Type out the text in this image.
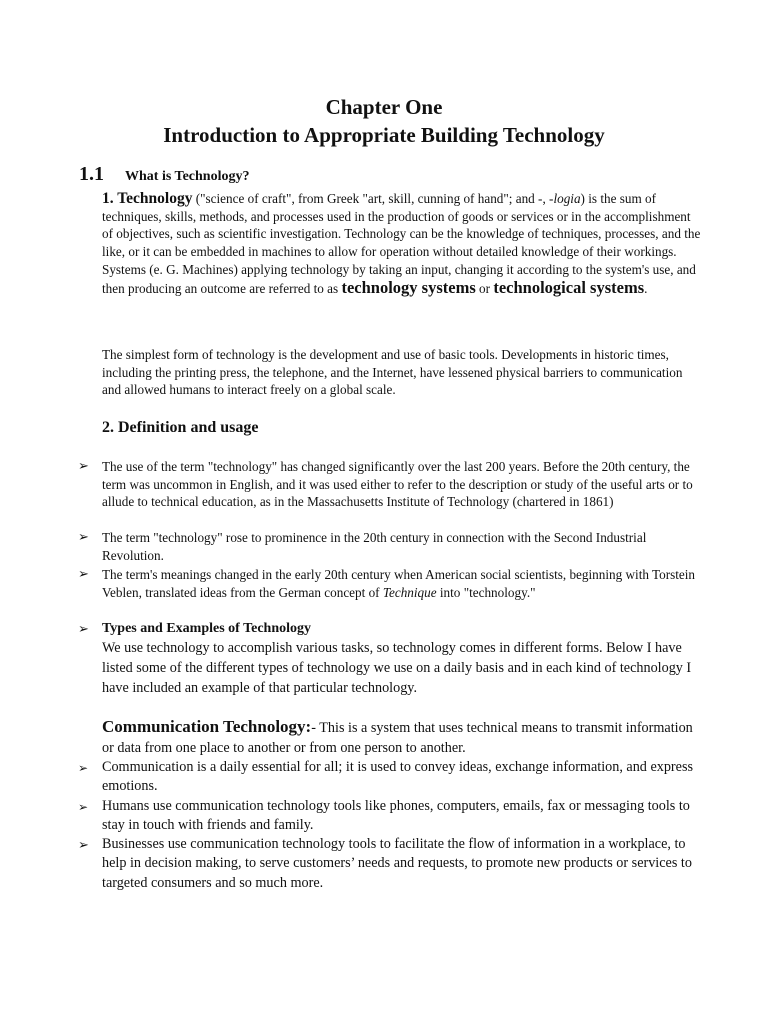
Chapter One
Introduction to Appropriate Building Technology
1.1 What is Technology?

1. Technology ("science of craft", from Greek "art, skill, cunning of hand"; and -, -logia) is the sum of techniques, skills, methods, and processes used in the production of goods or services or in the accomplishment of objectives, such as scientific investigation. Technology can be the knowledge of techniques, processes, and the like, or it can be embedded in machines to allow for operation without detailed knowledge of their workings. Systems (e. G. Machines) applying technology by taking an input, changing it according to the system's use, and then producing an outcome are referred to as technology systems or technological systems.

The simplest form of technology is the development and use of basic tools. Developments in historic times, including the printing press, the telephone, and the Internet, have lessened physical barriers to communication and allowed humans to interact freely on a global scale.

2. Definition and usage
➢ The use of the term "technology" has changed significantly over the last 200 years. Before the 20th century, the term was uncommon in English, and it was used either to refer to the description or study of the useful arts or to allude to technical education, as in the Massachusetts Institute of Technology (chartered in 1861)

➢ The term "technology" rose to prominence in the 20th century in connection with the Second Industrial Revolution.

➢ The term's meanings changed in the early 20th century when American social scientists, beginning with Torstein Veblen, translated ideas from the German concept of Technique into "technology."

➢ Types and Examples of Technology

We use technology to accomplish various tasks, so technology comes in different forms. Below I have listed some of the different types of technology we use on a daily basis and in each kind of technology I have included an example of that particular technology.

Communication Technology:- This is a system that uses technical means to transmit information or data from one place to another or from one person to another.

➢ Communication is a daily essential for all; it is used to convey ideas, exchange information, and express emotions.

➢ Humans use communication technology tools like phones, computers, emails, fax or messaging tools to stay in touch with friends and family.

➢ Businesses use communication technology tools to facilitate the flow of information in a workplace, to help in decision making, to serve customers’ needs and requests, to promote new products or services to targeted consumers and so much more.
